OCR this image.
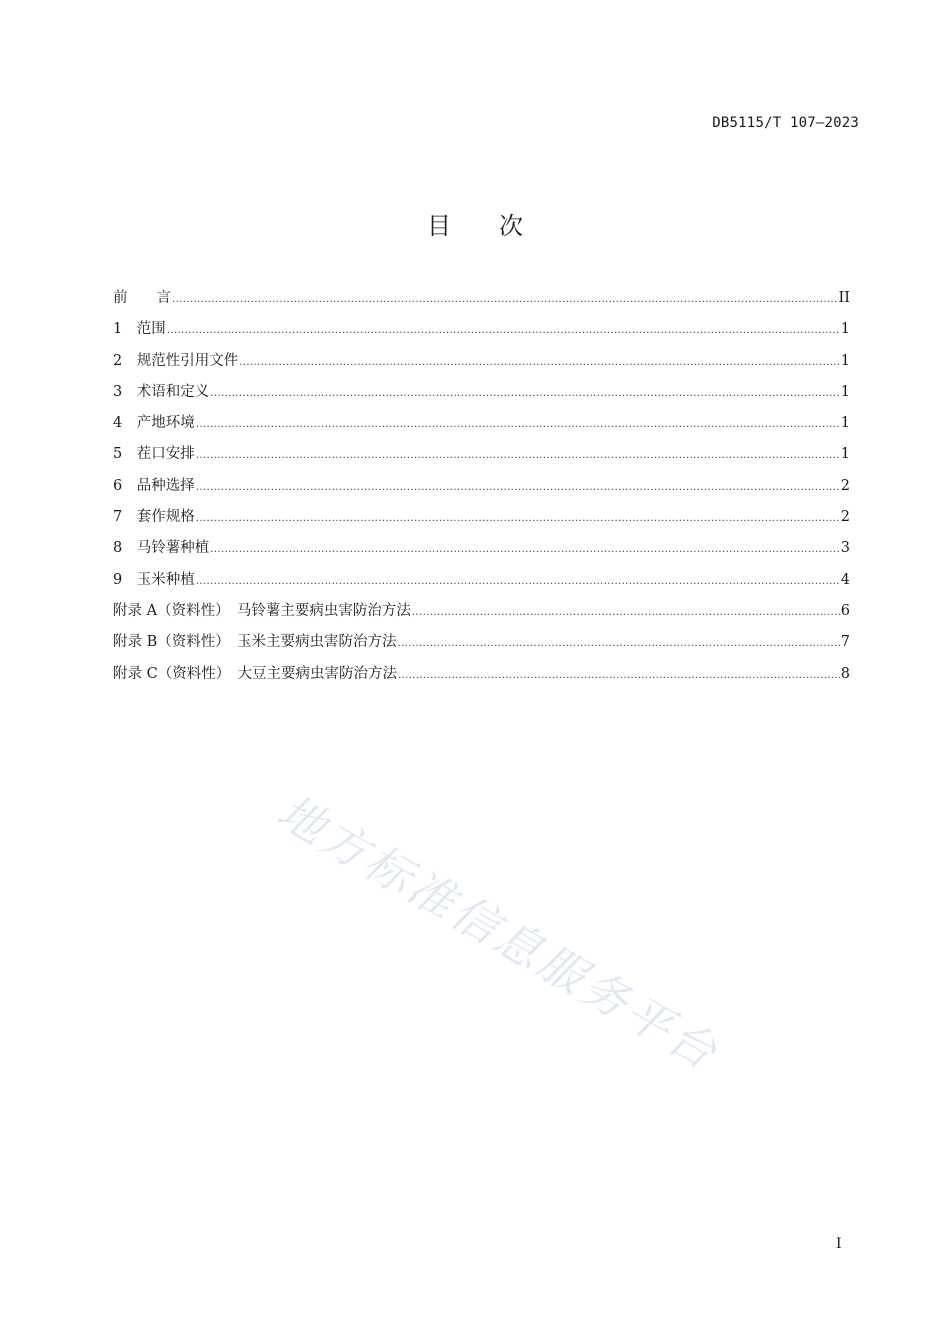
DB5115/T 107—2023
目次
前　　言 .....	II
1　范围 .....	1
2　规范性引用文件 .....	1
3　术语和定义 .....	1
4　产地环境 .....	1
5　茬口安排 .....	1
6　品种选择 .....	2
7　套作规格 .....	2
8　马铃薯种植 .....	3
9　玉米种植 .....	4
附录 A（资料性）　马铃薯主要病虫害防治方法 .....	6
附录 B（资料性）　玉米主要病虫害防治方法 .....	7
附录 C（资料性）　大豆主要病虫害防治方法 .....	8
地方标准信息服务平台
I
